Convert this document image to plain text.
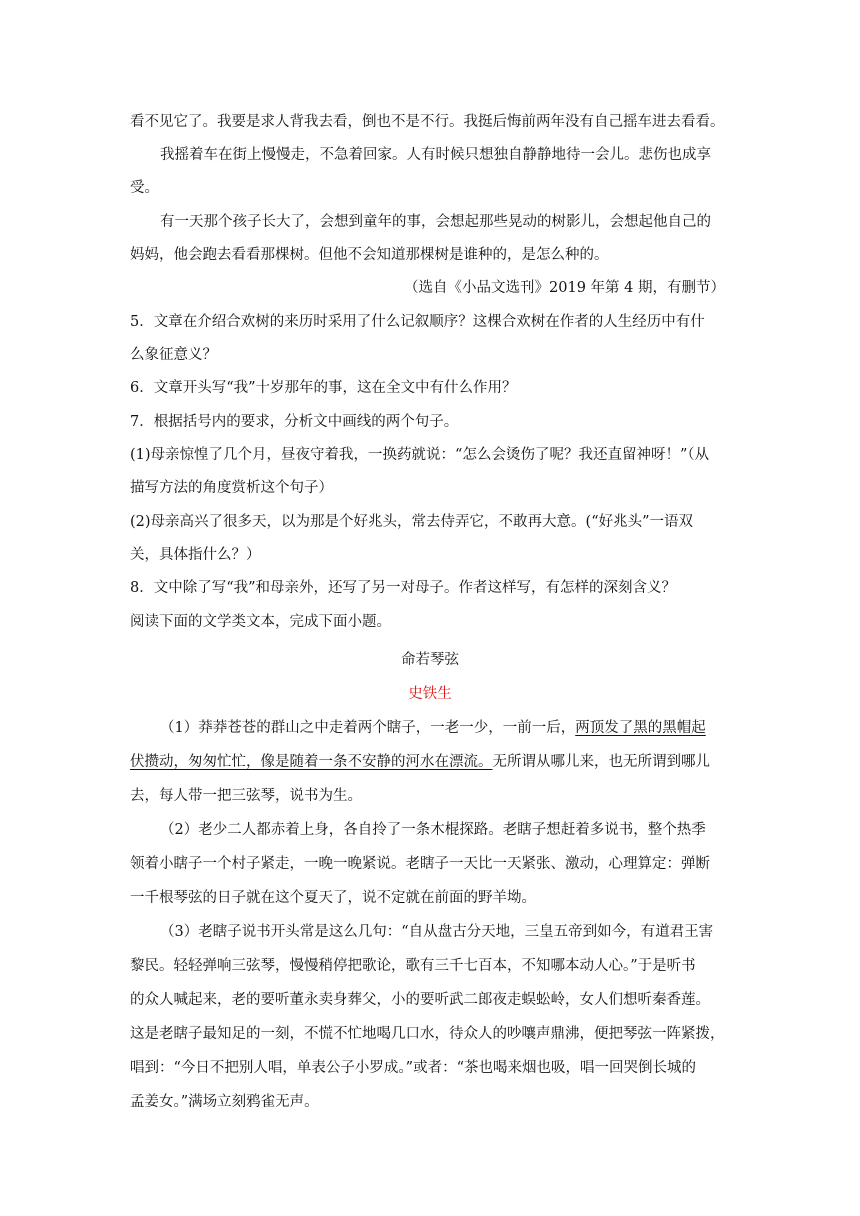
看不见它了。我要是求人背我去看，倒也不是不行。我挺后悔前两年没有自己摇车进去看看。
我摇着车在街上慢慢走，不急着回家。人有时候只想独自静静地待一会儿。悲伤也成享
受。
有一天那个孩子长大了，会想到童年的事，会想起那些晃动的树影儿，会想起他自己的
妈妈，他会跑去看看那棵树。但他不会知道那棵树是谁种的，是怎么种的。
（选自《小品文选刊》2019 年第 4 期，有删节）
5．文章在介绍合欢树的来历时采用了什么记叙顺序？这棵合欢树在作者的人生经历中有什
么象征意义？
6．文章开头写“我”十岁那年的事，这在全文中有什么作用？
7．根据括号内的要求，分析文中画线的两个句子。
(1)母亲惊惶了几个月，昼夜守着我，一换药就说：“怎么会烫伤了呢？我还直留神呀！”（从
描写方法的角度赏析这个句子）
(2)母亲高兴了很多天，以为那是个好兆头，常去侍弄它，不敢再大意。(“好兆头”一语双
关，具体指什么？）
8．文中除了写“我”和母亲外，还写了另一对母子。作者这样写，有怎样的深刻含义？
阅读下面的文学类文本，完成下面小题。
命若琴弦
史铁生
（1）莽莽苍苍的群山之中走着两个瞎子，一老一少，一前一后，两顶发了黑的黑帽起
伏攒动，匆匆忙忙，像是随着一条不安静的河水在漂流。无所谓从哪儿来，也无所谓到哪儿
去，每人带一把三弦琴，说书为生。
（2）老少二人都赤着上身，各自拎了一条木棍探路。老瞎子想赶着多说书，整个热季
领着小瞎子一个村子紧走，一晚一晚紧说。老瞎子一天比一天紧张、激动，心理算定：弹断
一千根琴弦的日子就在这个夏天了，说不定就在前面的野羊坳。
（3）老瞎子说书开头常是这么几句：“自从盘古分天地，三皇五帝到如今，有道君王害
黎民。轻轻弹响三弦琴，慢慢稍停把歌论，歌有三千七百本，不知哪本动人心。”于是听书
的众人喊起来，老的要听董永卖身葬父，小的要听武二郎夜走蜈蚣岭，女人们想听秦香莲。
这是老瞎子最知足的一刻，不慌不忙地喝几口水，待众人的吵嚷声鼎沸，便把琴弦一阵紧拨，
唱到：“今日不把别人唱，单表公子小罗成。”或者：“茶也喝来烟也吸，唱一回哭倒长城的
孟姜女。”满场立刻鸦雀无声。
